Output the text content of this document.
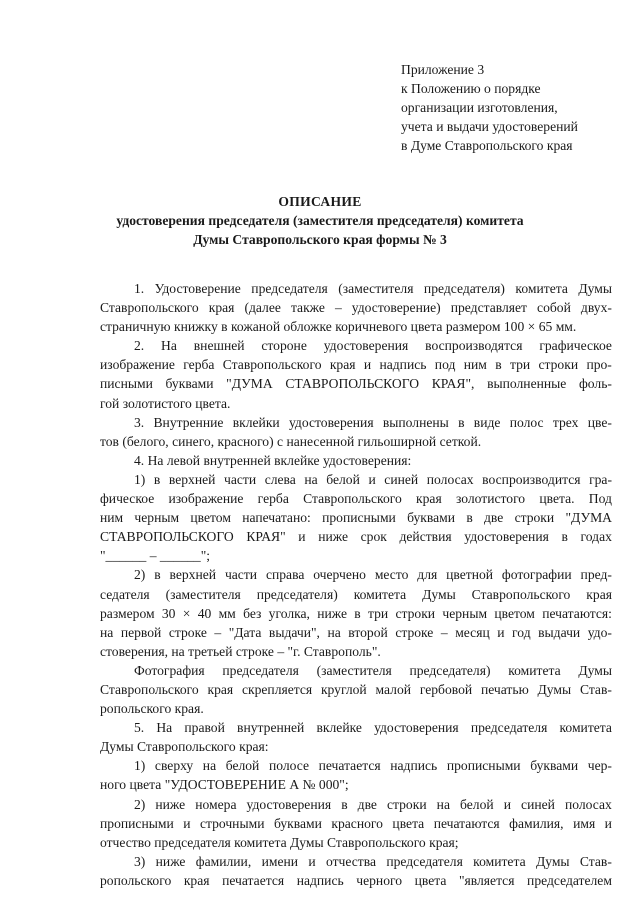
Приложение 3
к Положению о порядке
организации изготовления,
учета и выдачи удостоверений
в Думе Ставропольского края
ОПИСАНИЕ
удостоверения председателя (заместителя председателя) комитета
Думы Ставропольского края формы № 3
1. Удостоверение председателя (заместителя председателя) комитета Думы
Ставропольского края (далее также – удостоверение) представляет собой двух-
страничную книжку в кожаной обложке коричневого цвета размером 100 × 65 мм.
2. На внешней стороне удостоверения воспроизводятся графическое
изображение герба Ставропольского края и надпись под ним в три строки про-
писными буквами "ДУМА СТАВРОПОЛЬСКОГО КРАЯ", выполненные фоль-
гой золотистого цвета.
3. Внутренние вклейки удостоверения выполнены в виде полос трех цве-
тов (белого, синего, красного) с нанесенной гильоширной сеткой.
4. На левой внутренней вклейке удостоверения:
1) в верхней части слева на белой и синей полосах воспроизводится гра-
фическое изображение герба Ставропольского края золотистого цвета. Под
ним черным цветом напечатано: прописными буквами в две строки "ДУМА
СТАВРОПОЛЬСКОГО КРАЯ" и ниже срок действия удостоверения в годах
"______ – ______";
2) в верхней части справа очерчено место для цветной фотографии пред-
седателя (заместителя председателя) комитета Думы Ставропольского края
размером 30 × 40 мм без уголка, ниже в три строки черным цветом печатаются:
на первой строке – "Дата выдачи", на второй строке – месяц и год выдачи удо-
стоверения, на третьей строке – "г. Ставрополь".
Фотография председателя (заместителя председателя) комитета Думы
Ставропольского края скрепляется круглой малой гербовой печатью Думы Став-
ропольского края.
5. На правой внутренней вклейке удостоверения председателя комитета
Думы Ставропольского края:
1) сверху на белой полосе печатается надпись прописными буквами чер-
ного цвета "УДОСТОВЕРЕНИЕ А № 000";
2) ниже номера удостоверения в две строки на белой и синей полосах
прописными и строчными буквами красного цвета печатаются фамилия, имя и
отчество председателя комитета Думы Ставропольского края;
3) ниже фамилии, имени и отчества председателя комитета Думы Став-
ропольского края печатается надпись черного цвета "является председателем
